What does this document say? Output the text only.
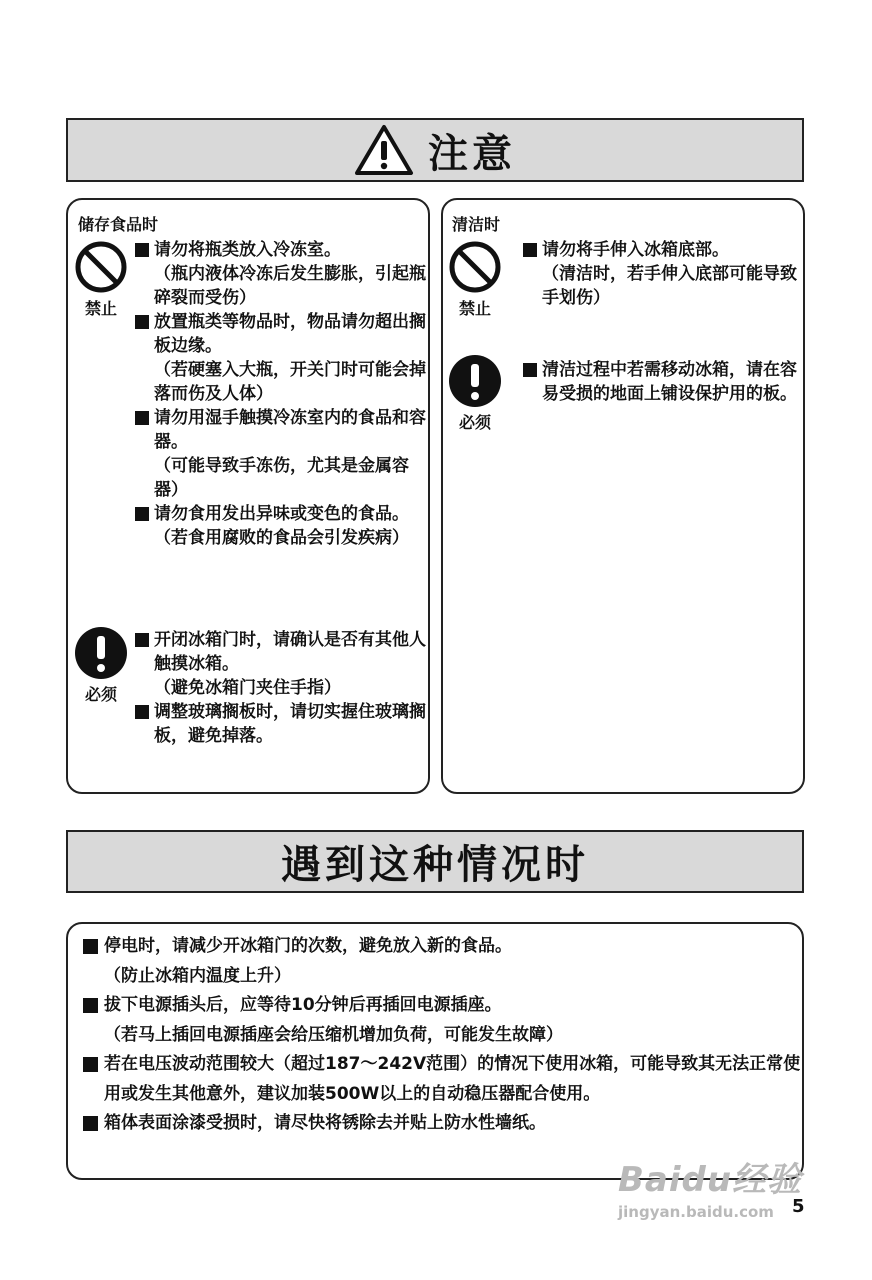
注意
储存食品时
禁止
请勿将瓶类放入冷冻室。
（瓶内液体冷冻后发生膨胀，引起瓶碎裂而受伤）
放置瓶类等物品时，物品请勿超出搁板边缘。
（若硬塞入大瓶，开关门时可能会掉落而伤及人体）
请勿用湿手触摸冷冻室内的食品和容器。
（可能导致手冻伤，尤其是金属容器）
请勿食用发出异味或变色的食品。
（若食用腐败的食品会引发疾病）
必须
开闭冰箱门时，请确认是否有其他人触摸冰箱。
（避免冰箱门夹住手指）
调整玻璃搁板时，请切实握住玻璃搁板，避免掉落。
清洁时
禁止
请勿将手伸入冰箱底部。
（清洁时，若手伸入底部可能导致手划伤）
必须
清洁过程中若需移动冰箱，请在容易受损的地面上铺设保护用的板。
遇到这种情况时
停电时，请减少开冰箱门的次数，避免放入新的食品。
（防止冰箱内温度上升）
拔下电源插头后，应等待10分钟后再插回电源插座。
（若马上插回电源插座会给压缩机增加负荷，可能发生故障）
若在电压波动范围较大（超过187～242V范围）的情况下使用冰箱，可能导致其无法正常使用或发生其他意外，建议加装500W以上的自动稳压器配合使用。
箱体表面涂漆受损时，请尽快将锈除去并贴上防水性墙纸。
Baidu经验
jingyan.baidu.com	5
